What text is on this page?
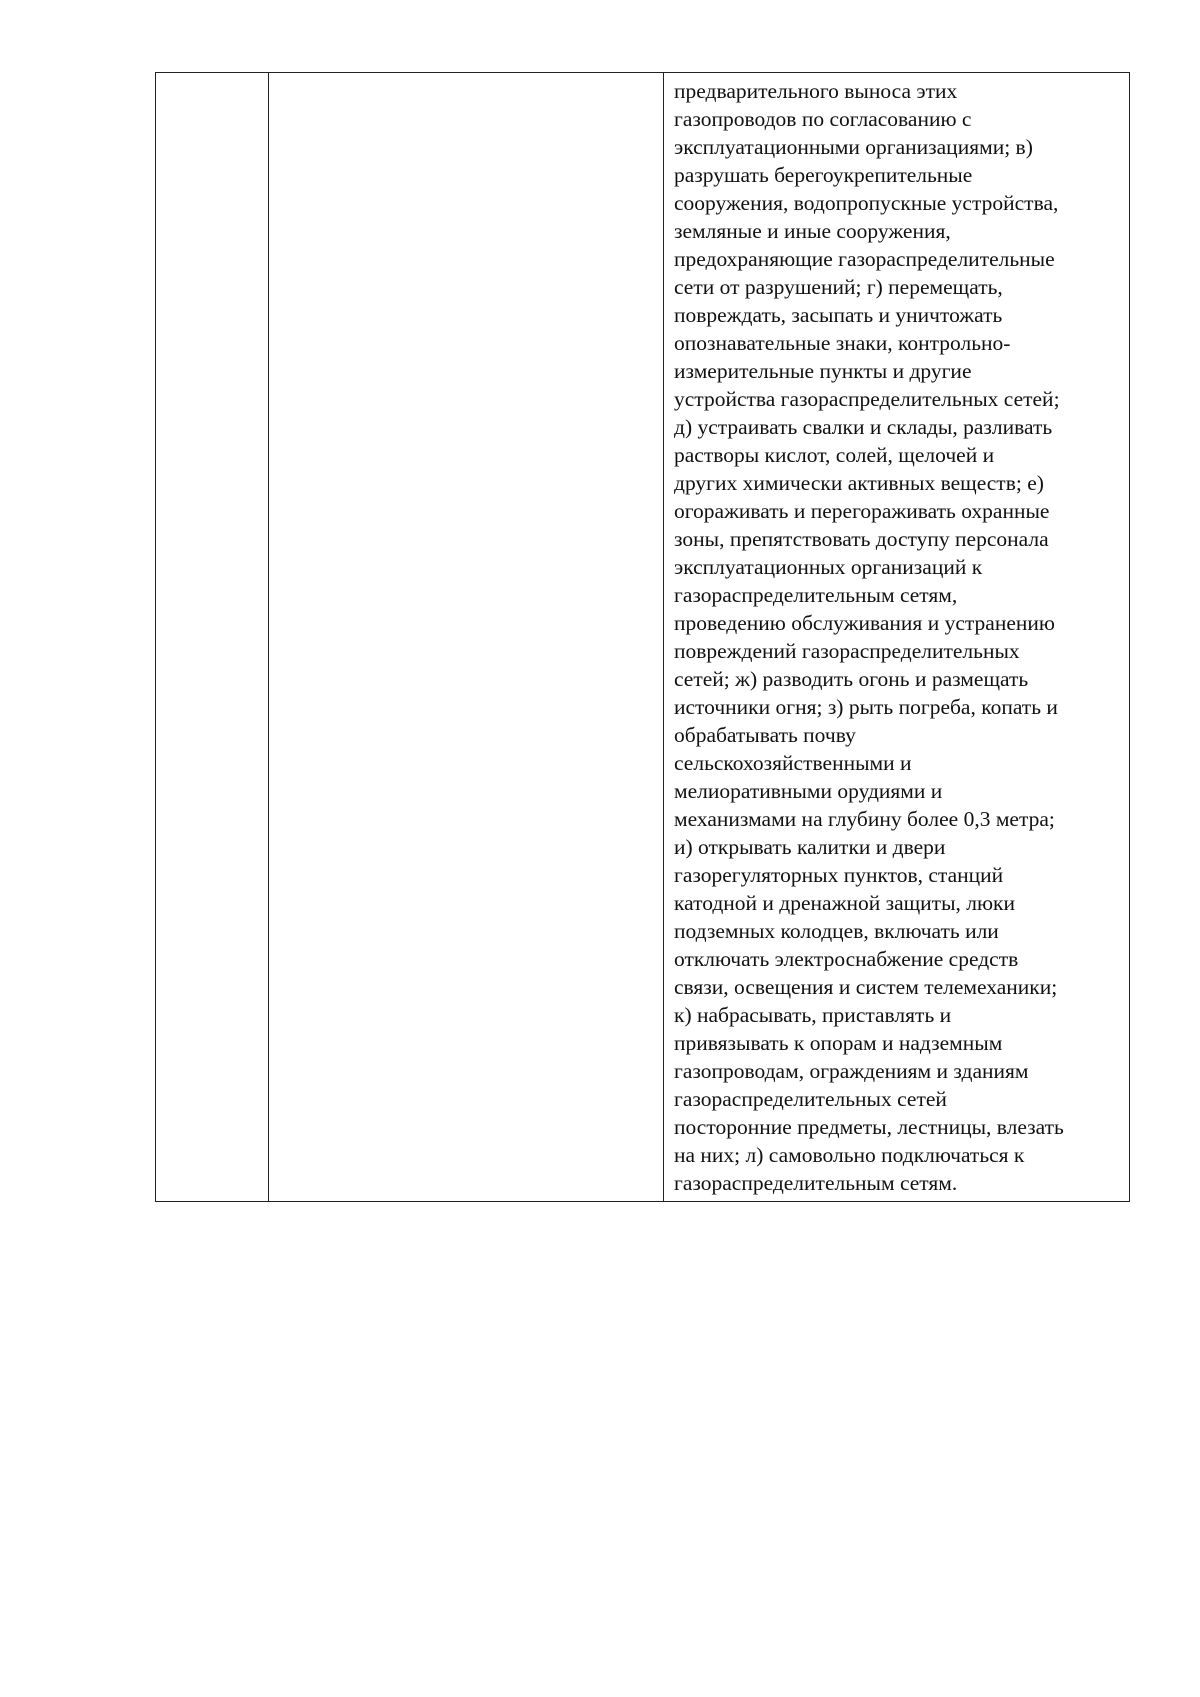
предварительного выноса этих
газопроводов по согласованию с
эксплуатационными организациями; в)
разрушать берегоукрепительные
сооружения, водопропускные устройства,
земляные и иные сооружения,
предохраняющие газораспределительные
сети от разрушений; г) перемещать,
повреждать, засыпать и уничтожать
опознавательные знаки, контрольно-
измерительные пункты и другие
устройства газораспределительных сетей;
д) устраивать свалки и склады, разливать
растворы кислот, солей, щелочей и
других химически активных веществ; е)
огораживать и перегораживать охранные
зоны, препятствовать доступу персонала
эксплуатационных организаций к
газораспределительным сетям,
проведению обслуживания и устранению
повреждений газораспределительных
сетей; ж) разводить огонь и размещать
источники огня; з) рыть погреба, копать и
обрабатывать почву
сельскохозяйственными и
мелиоративными орудиями и
механизмами на глубину более 0,3 метра;
и) открывать калитки и двери
газорегуляторных пунктов, станций
катодной и дренажной защиты, люки
подземных колодцев, включать или
отключать электроснабжение средств
связи, освещения и систем телемеханики;
к) набрасывать, приставлять и
привязывать к опорам и надземным
газопроводам, ограждениям и зданиям
газораспределительных сетей
посторонние предметы, лестницы, влезать
на них; л) самовольно подключаться к
газораспределительным сетям.
